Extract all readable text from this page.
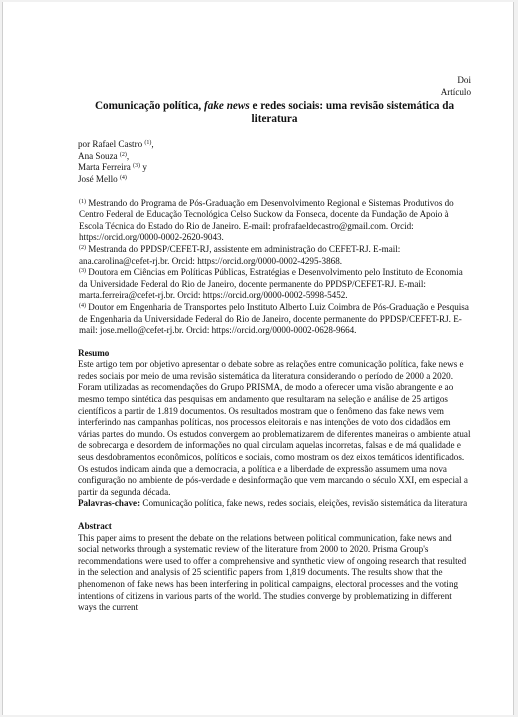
Doi
Artículo
Comunicação política, fake news e redes sociais: uma revisão sistemática da literatura
por Rafael Castro $^{(1)}$,
Ana Souza $^{(2)}$,
Marta Ferreira $^{(3)}$ y
José Mello $^{(4)}$

$^{(1)}$ Mestrando do Programa de Pós-Graduação em Desenvolvimento Regional e Sistemas Produtivos do Centro Federal de Educação Tecnológica Celso Suckow da Fonseca, docente da Fundação de Apoio à Escola Técnica do Estado do Rio de Janeiro. E-mail: profrafaeldecastro@gmail.com. Orcid: https://orcid.org/0000-0002-2620-9043.

$^{(2)}$ Mestranda do PPDSP/CEFET-RJ, assistente em administração do CEFET-RJ. E-mail: ana.carolina@cefet-rj.br. Orcid: https://orcid.org/0000-0002-4295-3868.

$^{(3)}$ Doutora em Ciências em Políticas Públicas, Estratégias e Desenvolvimento pelo Instituto de Economia da Universidade Federal do Rio de Janeiro, docente permanente do PPDSP/CEFET-RJ. E-mail: marta.ferreira@cefet-rj.br. Orcid: https://orcid.org/0000-0002-5998-5452.

$^{(4)}$ Doutor em Engenharia de Transportes pelo Instituto Alberto Luiz Coimbra de Pós-Graduação e Pesquisa de Engenharia da Universidade Federal do Rio de Janeiro, docente permanente do PPDSP/CEFET-RJ. E-mail: jose.mello@cefet-rj.br. Orcid: https://orcid.org/0000-0002-0628-9664.

Resumo

Este artigo tem por objetivo apresentar o debate sobre as relações entre comunicação política, fake news e redes sociais por meio de uma revisão sistemática da literatura considerando o período de 2000 a 2020. Foram utilizadas as recomendações do Grupo PRISMA, de modo a oferecer uma visão abrangente e ao mesmo tempo sintética das pesquisas em andamento que resultaram na seleção e análise de 25 artigos científicos a partir de 1.819 documentos. Os resultados mostram que o fenômeno das fake news vem interferindo nas campanhas políticas, nos processos eleitorais e nas intenções de voto dos cidadãos em várias partes do mundo. Os estudos convergem ao problematizarem de diferentes maneiras o ambiente atual de sobrecarga e desordem de informações no qual circulam aquelas incorretas, falsas e de má qualidade e seus desdobramentos econômicos, políticos e sociais, como mostram os dez eixos temáticos identificados. Os estudos indicam ainda que a democracia, a política e a liberdade de expressão assumem uma nova configuração no ambiente de pós-verdade e desinformação que vem marcando o século XXI, em especial a partir da segunda década.

Palavras-chave: Comunicação política, fake news, redes sociais, eleições, revisão sistemática da literatura

Abstract

This paper aims to present the debate on the relations between political communication, fake news and social networks through a systematic review of the literature from 2000 to 2020. Prisma Group's recommendations were used to offer a comprehensive and synthetic view of ongoing research that resulted in the selection and analysis of 25 scientific papers from 1,819 documents. The results show that the phenomenon of fake news has been interfering in political campaigns, electoral processes and the voting intentions of citizens in various parts of the world. The studies converge by problematizing in different ways the current
